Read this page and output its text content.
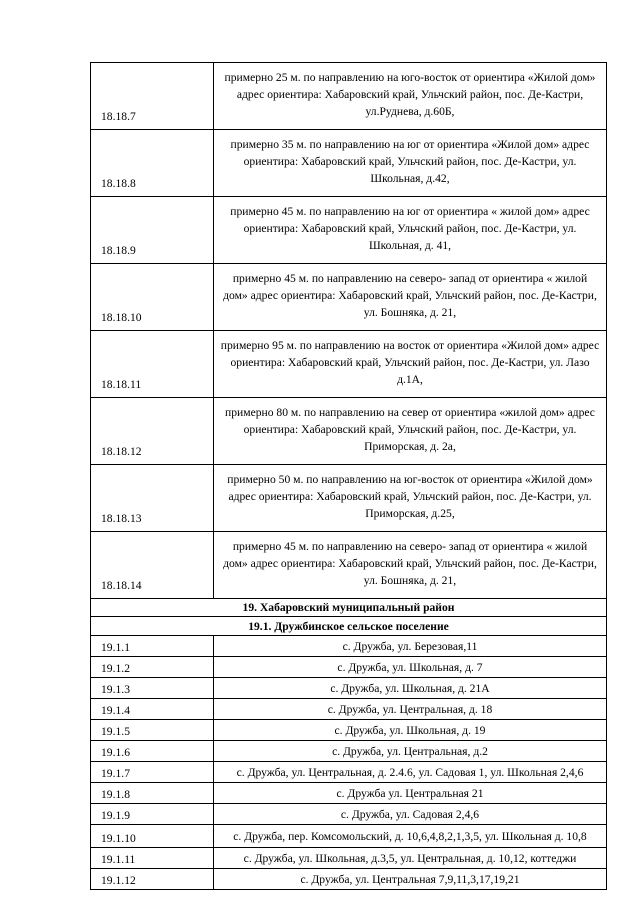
18.18.7	примерно 25 м. по направлению на юго-восток от ориентира «Жилой дом» адрес ориентира: Хабаровский край, Ульчский район, пос. Де-Кастри, ул.Руднева, д.60Б,
18.18.8	примерно 35 м. по направлению на юг от ориентира «Жилой дом» адрес ориентира: Хабаровский край, Ульчский район, пос. Де-Кастри, ул. Школьная, д.42,
18.18.9	примерно 45 м. по направлению на юг от ориентира « жилой дом» адрес ориентира: Хабаровский край, Ульчский район, пос. Де-Кастри, ул. Школьная, д. 41,
18.18.10	примерно 45 м. по направлению на северо- запад от ориентира « жилой дом» адрес ориентира: Хабаровский край, Ульчский район, пос. Де-Кастри, ул. Бошняка, д. 21,
18.18.11	примерно 95 м. по направлению на восток от ориентира «Жилой дом» адрес ориентира: Хабаровский край, Ульчский район, пос. Де-Кастри, ул. Лазо д.1А,
18.18.12	примерно 80 м. по направлению на север от ориентира «жилой дом» адрес ориентира: Хабаровский край, Ульчский район, пос. Де-Кастри, ул. Приморская, д. 2а,
18.18.13	примерно 50 м. по направлению на юг-восток от ориентира «Жилой дом» адрес ориентира: Хабаровский край, Ульчский район, пос. Де-Кастри, ул. Приморская, д.25,
18.18.14	примерно 45 м. по направлению на северо- запад от ориентира « жилой дом» адрес ориентира: Хабаровский край, Ульчский район, пос. Де-Кастри, ул. Бошняка, д. 21,
19. Хабаровский муниципальный район	
19.1. Дружбинское сельское поселение	
19.1.1	с. Дружба, ул. Березовая,11
19.1.2	с. Дружба, ул. Школьная, д. 7
19.1.3	с. Дружба, ул. Школьная, д. 21А
19.1.4	с. Дружба, ул. Центральная, д. 18
19.1.5	с. Дружба, ул. Школьная, д. 19
19.1.6	с. Дружба, ул. Центральная, д.2
19.1.7	с. Дружба, ул. Центральная, д. 2.4.6, ул. Садовая 1, ул. Школьная 2,4,6
19.1.8	с. Дружба ул. Центральная 21
19.1.9	с. Дружба, ул. Садовая 2,4,6
19.1.10	с. Дружба, пер. Комсомольский, д. 10,6,4,8,2,1,3,5, ул. Школьная д. 10,8
19.1.11	с. Дружба, ул. Школьная, д.3,5, ул. Центральная, д. 10,12, коттеджи
19.1.12	с. Дружба, ул. Центральная 7,9,11,3,17,19,21
